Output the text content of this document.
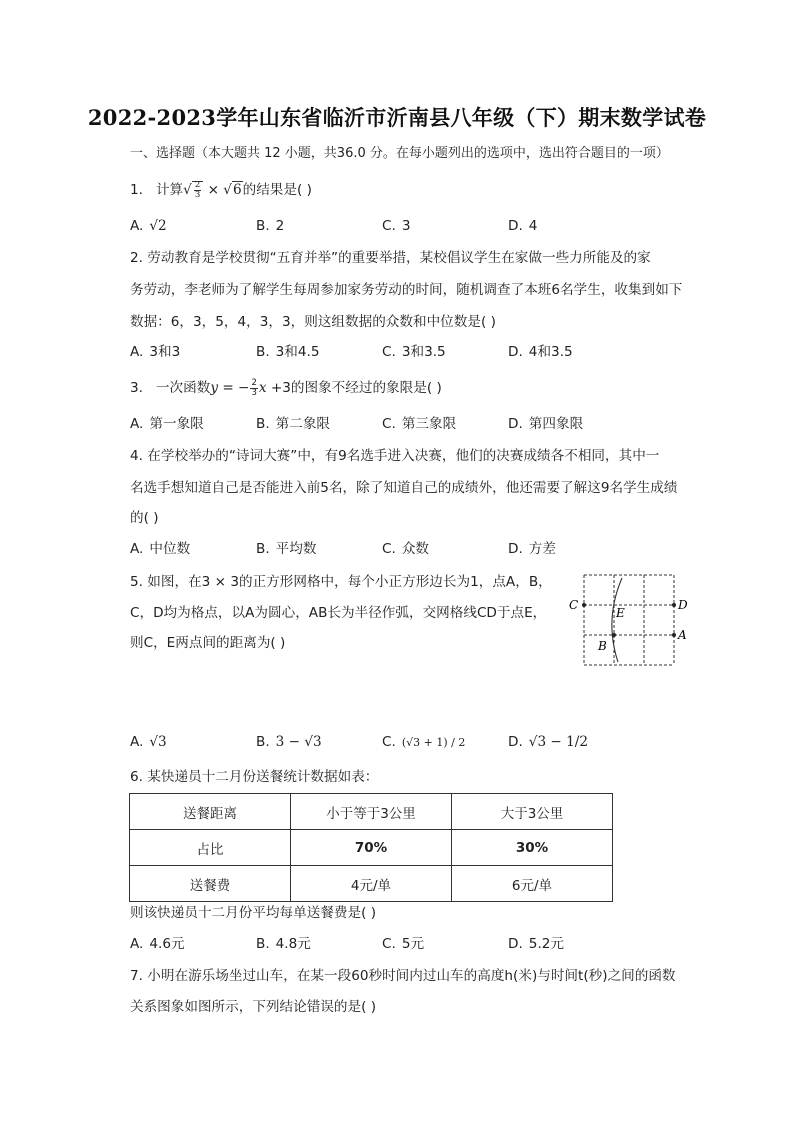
2022-2023学年山东省临沂市沂南县八年级（下）期末数学试卷
一、选择题（本大题共 12 小题，共36.0 分。在每小题列出的选项中，选出符合题目的一项）
1. 计算√ $\frac{2}{3} \times √6$的结果是( )
A. √2	B. 2	C. 3	D. 4
2. 劳动教育是学校贯彻“五育并举”的重要举措，某校倡议学生在家做一些力所能及的家
务劳动，李老师为了解学生每周参加家务劳动的时间，随机调查了本班6名学生，收集到如下
数据：6，3，5，4，3，3，则这组数据的众数和中位数是( )
A. 3和3	B. 3和4.5	C. 3和3.5	D. 4和3.5
3. 一次函数y = − $\frac{2}{3}$ x +3的图象不经过的象限是( )
A. 第一象限	B. 第二象限	C. 第三象限	D. 第四象限
4. 在学校举办的“诗词大赛”中，有9名选手进入决赛，他们的决赛成绩各不相同，其中一
名选手想知道自己是否能进入前5名，除了知道自己的成绩外，他还需要了解这9名学生成绩
的( )
A. 中位数	B. 平均数	C. 众数	D. 方差
5. 如图，在3 × 3的正方形网格中，每个小正方形边长为1，点A，B，
C，D均为格点，以A为圆心，AB长为半径作弧，交网格线CD于点E，
则C，E两点间的距离为( )
C	D
E
A
B
A. √3	B. 3 − √3	C. (√3 + 1) / 2	D. √3 − 1/2
6. 某快递员十二月份送餐统计数据如表：
送餐距离	小于等于3公里	大于3公里
占比	70%	30%
送餐费	4元/单	6元/单
则该快递员十二月份平均每单送餐费是( )
A. 4.6元	B. 4.8元	C. 5元	D. 5.2元
7. 小明在游乐场坐过山车，在某一段60秒时间内过山车的高度h(米)与时间t(秒)之间的函数
关系图象如图所示，下列结论错误的是( )
